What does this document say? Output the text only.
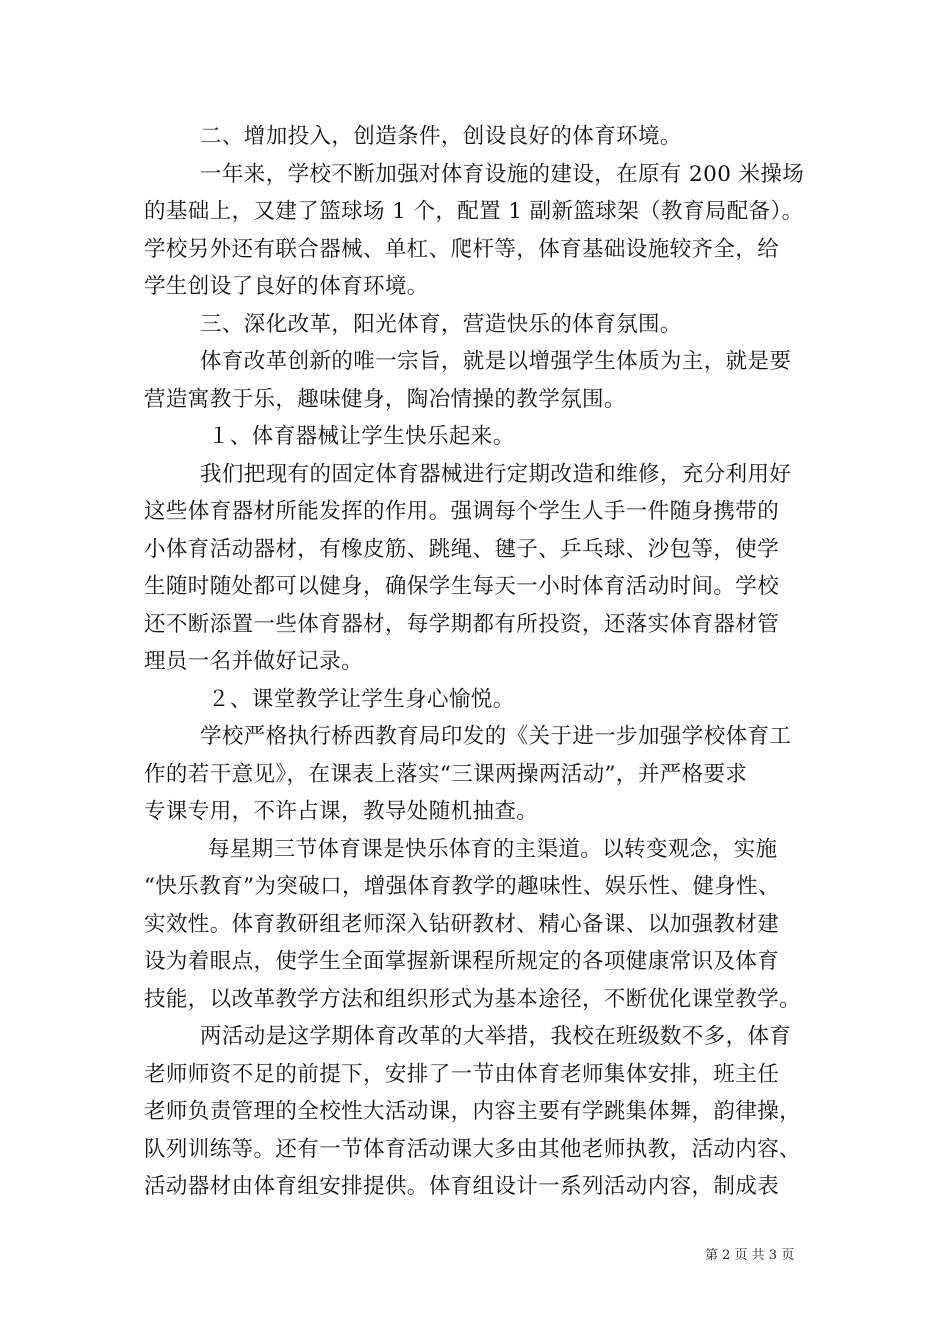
二、增加投入，创造条件，创设良好的体育环境。
一年来，学校不断加强对体育设施的建设，在原有 200 米操场
的基础上，又建了篮球场 1 个，配置 1 副新篮球架（教育局配备）。
学校另外还有联合器械、单杠、爬杆等，体育基础设施较齐全，给
学生创设了良好的体育环境。
三、深化改革，阳光体育，营造快乐的体育氛围。
体育改革创新的唯一宗旨，就是以增强学生体质为主，就是要
营造寓教于乐，趣味健身，陶冶情操的教学氛围。
１、体育器械让学生快乐起来。
我们把现有的固定体育器械进行定期改造和维修，充分利用好
这些体育器材所能发挥的作用。强调每个学生人手一件随身携带的
小体育活动器材，有橡皮筋、跳绳、毽子、乒乓球、沙包等，使学
生随时随处都可以健身，确保学生每天一小时体育活动时间。学校
还不断添置一些体育器材，每学期都有所投资，还落实体育器材管
理员一名并做好记录。
２、课堂教学让学生身心愉悦。
学校严格执行桥西教育局印发的《关于进一步加强学校体育工
作的若干意见》，在课表上落实“三课两操两活动”，并严格要求
专课专用，不许占课，教导处随机抽查。
每星期三节体育课是快乐体育的主渠道。以转变观念，实施
“快乐教育”为突破口，增强体育教学的趣味性、娱乐性、健身性、
实效性。体育教研组老师深入钻研教材、精心备课、以加强教材建
设为着眼点，使学生全面掌握新课程所规定的各项健康常识及体育
技能，以改革教学方法和组织形式为基本途径，不断优化课堂教学。
两活动是这学期体育改革的大举措，我校在班级数不多，体育
老师师资不足的前提下，安排了一节由体育老师集体安排，班主任
老师负责管理的全校性大活动课，内容主要有学跳集体舞，韵律操，
队列训练等。还有一节体育活动课大多由其他老师执教，活动内容、
活动器材由体育组安排提供。体育组设计一系列活动内容，制成表
第 2 页 共 3 页
